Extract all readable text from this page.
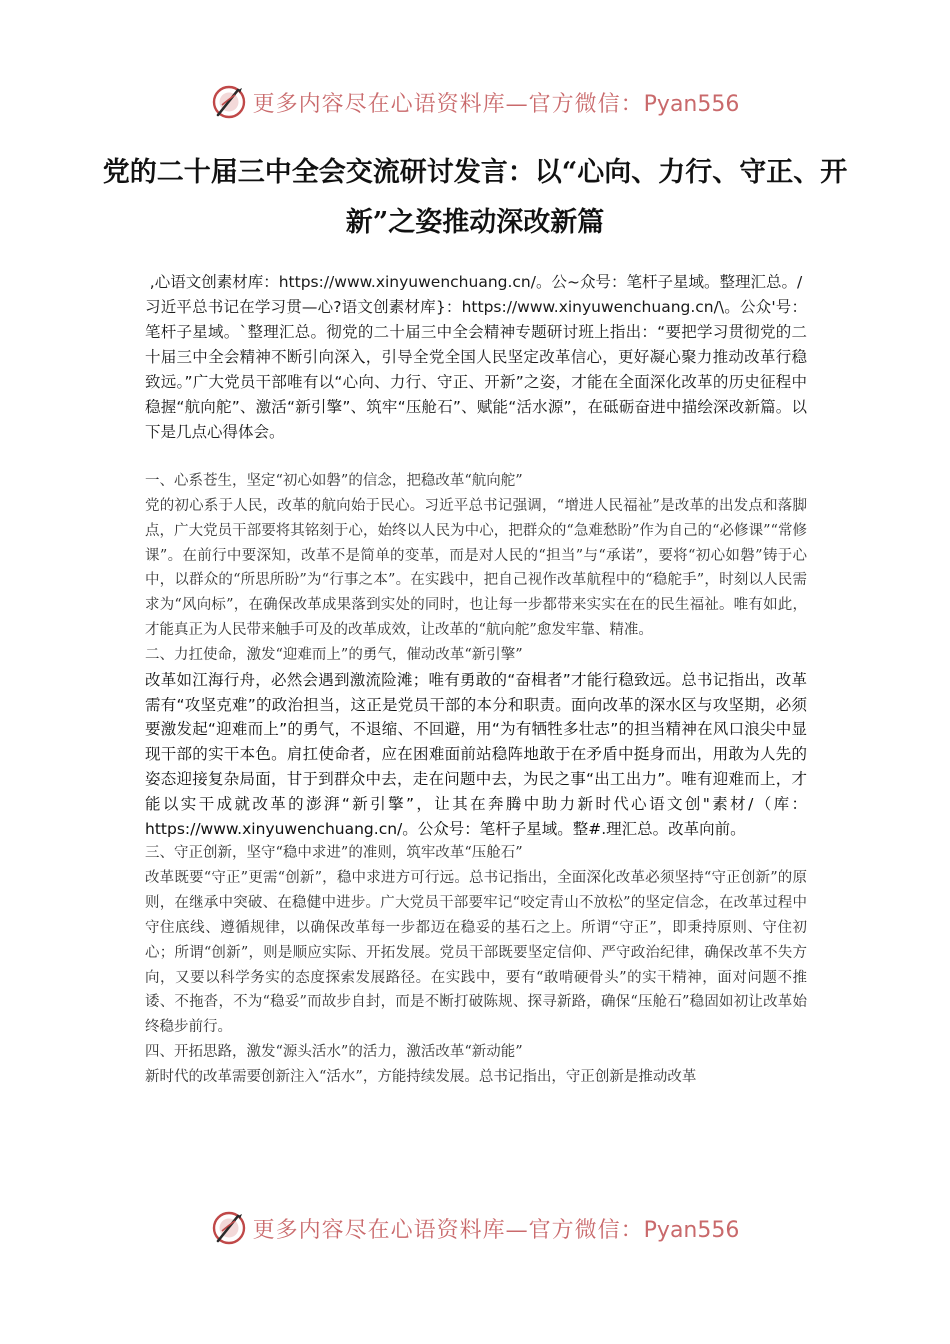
更多内容尽在心语资料库—官方微信：Pyan556
党的二十届三中全会交流研讨发言：以“心向、力行、守正、开新”之姿推动深改新篇

,心语文创素材库：https://www.xinyuwenchuang.cn/。公~众号：笔杆子星域。整理汇总。/

习近平总书记在学习贯—心?语文创素材库}：https://www.xinyuwenchuang.cn/\。公众'号：笔杆子星域。`整理汇总。彻党的二十届三中全会精神专题研讨班上指出：“要把学习贯彻党的二十届三中全会精神不断引向深入，引导全党全国人民坚定改革信心，更好凝心聚力推动改革行稳致远。”广大党员干部唯有以“心向、力行、守正、开新”之姿，才能在全面深化改革的历史征程中稳握“航向舵”、激活“新引擎”、筑牢“压舱石”、赋能“活水源”，在砥砺奋进中描绘深改新篇。以下是几点心得体会。

一、心系苍生，坚定“初心如磐”的信念，把稳改革“航向舵”

党的初心系于人民，改革的航向始于民心。习近平总书记强调，“增进人民福祉”是改革的出发点和落脚点，广大党员干部要将其铭刻于心，始终以人民为中心，把群众的“急难愁盼”作为自己的“必修课”“常修课”。在前行中要深知，改革不是简单的变革，而是对人民的“担当”与“承诺”，要将“初心如磐”铸于心中，以群众的“所思所盼”为“行事之本”。在实践中，把自己视作改革航程中的“稳舵手”，时刻以人民需求为“风向标”，在确保改革成果落到实处的同时，也让每一步都带来实实在在的民生福祉。唯有如此，才能真正为人民带来触手可及的改革成效，让改革的“航向舵”愈发牢靠、精准。

二、力扛使命，激发“迎难而上”的勇气，催动改革“新引擎”

改革如江海行舟，必然会遇到激流险滩；唯有勇敢的“奋楫者”才能行稳致远。总书记指出，改革需有“攻坚克难”的政治担当，这正是党员干部的本分和职责。面向改革的深水区与攻坚期，必须要激发起“迎难而上”的勇气，不退缩、不回避，用“为有牺牲多壮志”的担当精神在风口浪尖中显现干部的实干本色。肩扛使命者，应在困难面前站稳阵地敢于在矛盾中挺身而出，用敢为人先的姿态迎接复杂局面，甘于到群众中去，走在问题中去，为民之事“出工出力”。唯有迎难而上，才能以实干成就改革的澎湃“新引擎”，让其在奔腾中助力新时代心语文创"素材/（库：https://www.xinyuwenchuang.cn/。公众号：笔杆子星域。整#.理汇总。改革向前。

三、守正创新，坚守“稳中求进”的准则，筑牢改革“压舱石”

改革既要“守正”更需“创新”，稳中求进方可行远。总书记指出，全面深化改革必须坚持“守正创新”的原则，在继承中突破、在稳健中进步。广大党员干部要牢记“咬定青山不放松”的坚定信念，在改革过程中守住底线、遵循规律，以确保改革每一步都迈在稳妥的基石之上。所谓“守正”，即秉持原则、守住初心；所谓“创新”，则是顺应实际、开拓发展。党员干部既要坚定信仰、严守政治纪律，确保改革不失方向，又要以科学务实的态度探索发展路径。在实践中，要有“敢啃硬骨头”的实干精神，面对问题不推诿、不拖沓，不为“稳妥”而故步自封，而是不断打破陈规、探寻新路，确保“压舱石”稳固如初让改革始终稳步前行。

四、开拓思路，激发“源头活水”的活力，激活改革“新动能”

新时代的改革需要创新注入“活水”，方能持续发展。总书记指出，守正创新是推动改革

更多内容尽在心语资料库—官方微信：Pyan556
